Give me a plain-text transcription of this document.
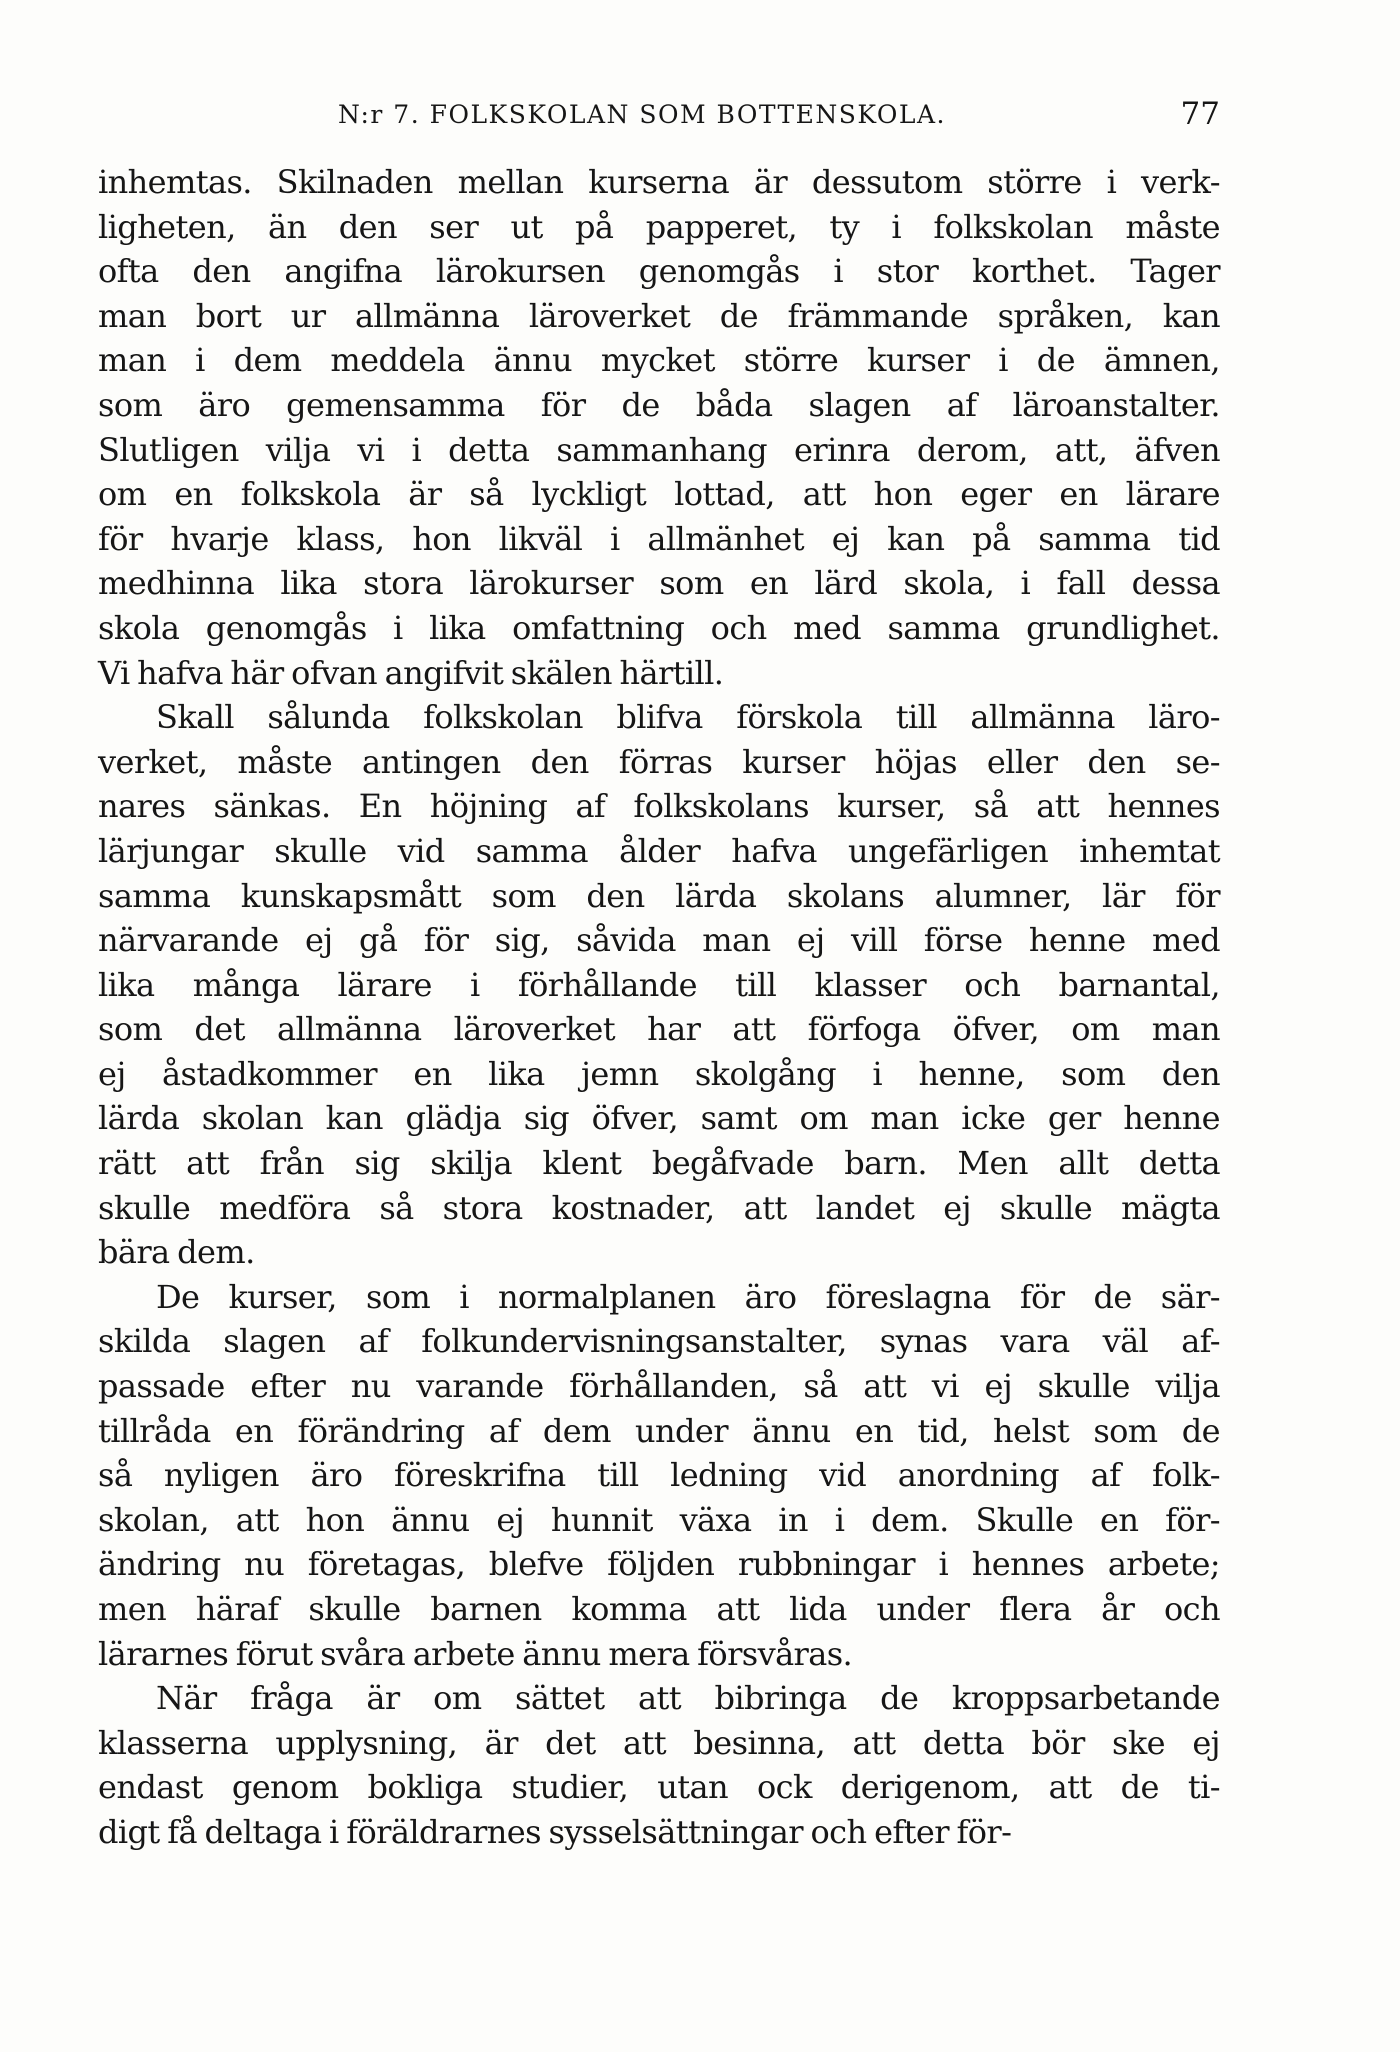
N:r 7. FOLKSKOLAN SOM BOTTENSKOLA.	77
inhemtas. Skilnaden mellan kurserna är dessutom större i verk-
ligheten, än den ser ut på papperet, ty i folkskolan måste
ofta den angifna lärokursen genomgås i stor korthet. Tager
man bort ur allmänna läroverket de främmande språken, kan
man i dem meddela ännu mycket större kurser i de ämnen,
som äro gemensamma för de båda slagen af läroanstalter.
Slutligen vilja vi i detta sammanhang erinra derom, att, äfven
om en folkskola är så lyckligt lottad, att hon eger en lärare
för hvarje klass, hon likväl i allmänhet ej kan på samma tid
medhinna lika stora lärokurser som en lärd skola, i fall dessa
skola genomgås i lika omfattning och med samma grundlighet.
Vi hafva här ofvan angifvit skälen härtill.
Skall sålunda folkskolan blifva förskola till allmänna läro-
verket, måste antingen den förras kurser höjas eller den se-
nares sänkas. En höjning af folkskolans kurser, så att hennes
lärjungar skulle vid samma ålder hafva ungefärligen inhemtat
samma kunskapsmått som den lärda skolans alumner, lär för
närvarande ej gå för sig, såvida man ej vill förse henne med
lika många lärare i förhållande till klasser och barnantal,
som det allmänna läroverket har att förfoga öfver, om man
ej åstadkommer en lika jemn skolgång i henne, som den
lärda skolan kan glädja sig öfver, samt om man icke ger henne
rätt att från sig skilja klent begåfvade barn. Men allt detta
skulle medföra så stora kostnader, att landet ej skulle mägta
bära dem.
De kurser, som i normalplanen äro föreslagna för de sär-
skilda slagen af folkundervisningsanstalter, synas vara väl af-
passade efter nu varande förhållanden, så att vi ej skulle vilja
tillråda en förändring af dem under ännu en tid, helst som de
så nyligen äro föreskrifna till ledning vid anordning af folk-
skolan, att hon ännu ej hunnit växa in i dem. Skulle en för-
ändring nu företagas, blefve följden rubbningar i hennes arbete;
men häraf skulle barnen komma att lida under flera år och
lärarnes förut svåra arbete ännu mera försvåras.
När fråga är om sättet att bibringa de kroppsarbetande
klasserna upplysning, är det att besinna, att detta bör ske ej
endast genom bokliga studier, utan ock derigenom, att de ti-
digt få deltaga i föräldrarnes sysselsättningar och efter för-
